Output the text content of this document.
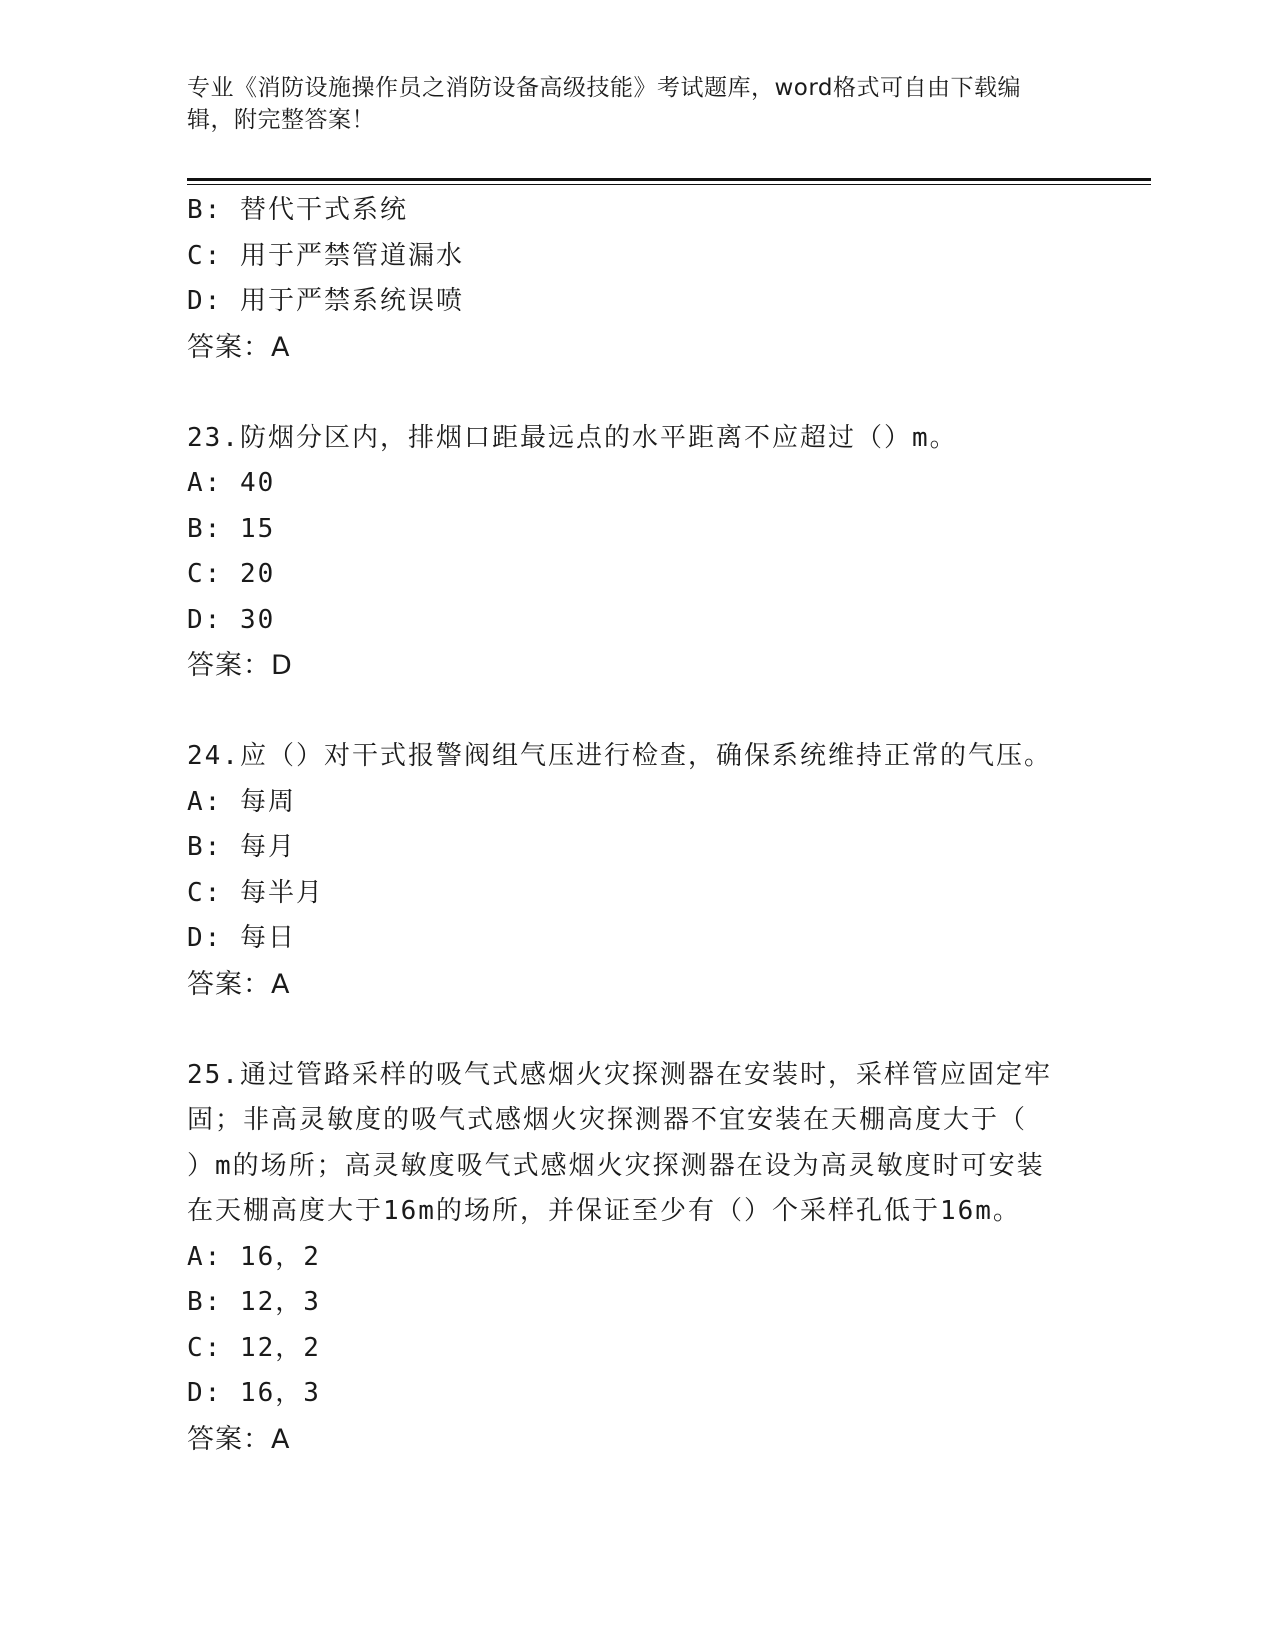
专业《消防设施操作员之消防设备高级技能》考试题库，word格式可自由下载编
辑，附完整答案！
B: 替代干式系统
C: 用于严禁管道漏水
D: 用于严禁系统误喷
答案：A
23.防烟分区内，排烟口距最远点的水平距离不应超过（）m。
A: 40
B: 15
C: 20
D: 30
答案：D
24.应（）对干式报警阀组气压进行检查，确保系统维持正常的气压。
A: 每周
B: 每月
C: 每半月
D: 每日
答案：A
25.通过管路采样的吸气式感烟火灾探测器在安装时，采样管应固定牢
固；非高灵敏度的吸气式感烟火灾探测器不宜安装在天棚高度大于（
）m的场所；高灵敏度吸气式感烟火灾探测器在设为高灵敏度时可安装
在天棚高度大于16m的场所，并保证至少有（）个采样孔低于16m。
A: 16，2
B: 12，3
C: 12，2
D: 16，3
答案：A
